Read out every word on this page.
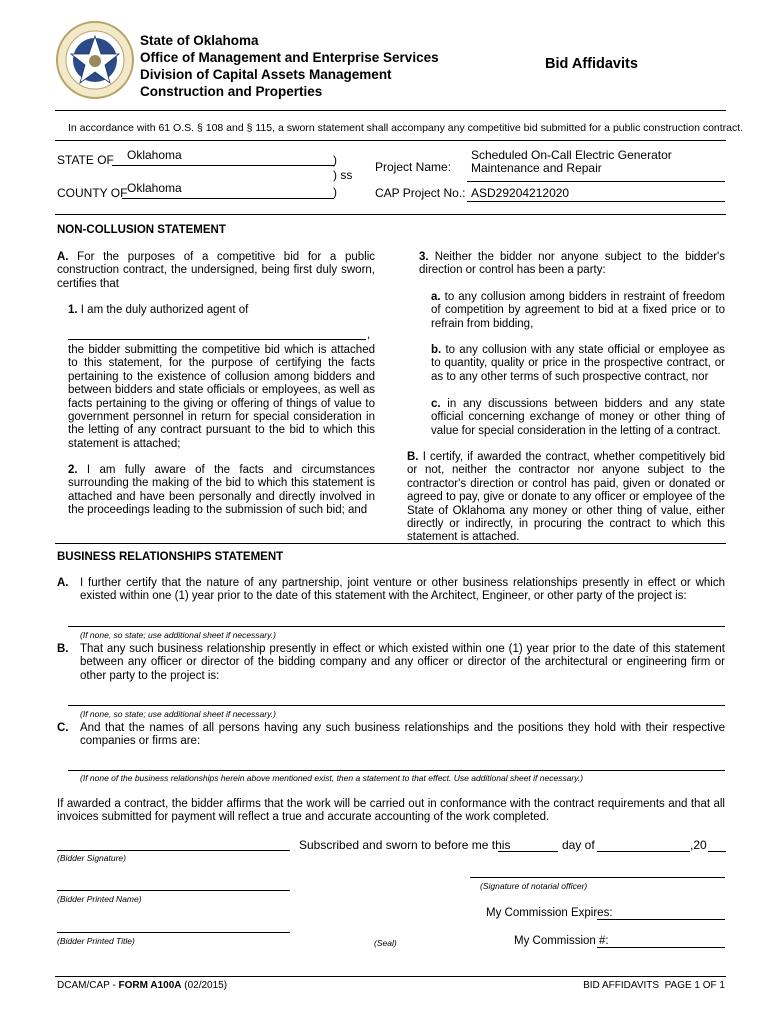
State of Oklahoma
Office of Management and Enterprise Services
Division of Capital Assets Management
Construction and Properties
Bid Affidavits
In accordance with 61 O.S. § 108 and § 115, a sworn statement shall accompany any competitive bid submitted for a public construction contract.
STATE OF Oklahoma	)
) ss
)
COUNTY OF Oklahoma
Project Name:
Scheduled On-Call Electric Generator
Maintenance and Repair
CAP Project No.: ASD29204212020
NON-COLLUSION STATEMENT
A. For the purposes of a competitive bid for a public construction contract, the undersigned, being first duly sworn, certifies that
1. I am the duly authorized agent of
,
the bidder submitting the competitive bid which is attached to this statement, for the purpose of certifying the facts pertaining to the existence of collusion among bidders and between bidders and state officials or employees, as well as facts pertaining to the giving or offering of things of value to government personnel in return for special consideration in the letting of any contract pursuant to the bid to which this statement is attached;
2. I am fully aware of the facts and circumstances surrounding the making of the bid to which this statement is attached and have been personally and directly involved in the proceedings leading to the submission of such bid; and
3. Neither the bidder nor anyone subject to the bidder's direction or control has been a party:
a. to any collusion among bidders in restraint of freedom of competition by agreement to bid at a fixed price or to refrain from bidding,
b. to any collusion with any state official or employee as to quantity, quality or price in the prospective contract, or as to any other terms of such prospective contract, nor
c. in any discussions between bidders and any state official concerning exchange of money or other thing of value for special consideration in the letting of a contract.
B. I certify, if awarded the contract, whether competitively bid or not, neither the contractor nor anyone subject to the contractor's direction or control has paid, given or donated or agreed to pay, give or donate to any officer or employee of the State of Oklahoma any money or other thing of value, either directly or indirectly, in procuring the contract to which this statement is attached.
BUSINESS RELATIONSHIPS STATEMENT
A. I further certify that the nature of any partnership, joint venture or other business relationships presently in effect or which existed within one (1) year prior to the date of this statement with the Architect, Engineer, or other party of the project is:
(If none, so state; use additional sheet if necessary.)
B. That any such business relationship presently in effect or which existed within one (1) year prior to the date of this statement between any officer or director of the bidding company and any officer or director of the architectural or engineering firm or other party to the project is:
(If none, so state; use additional sheet if necessary.)
C. And that the names of all persons having any such business relationships and the positions they hold with their respective companies or firms are:
(If none of the business relationships herein above mentioned exist, then a statement to that effect. Use additional sheet if necessary.)
If awarded a contract, the bidder affirms that the work will be carried out in conformance with the contract requirements and that all invoices submitted for payment will reflect a true and accurate accounting of the work completed.
(Bidder Signature)
Subscribed and sworn to before me this	day of	,20
(Signature of notarial officer)
(Bidder Printed Name)
My Commission Expires:
(Bidder Printed Title)	(Seal)	My Commission #:
DCAM/CAP - FORM A100A (02/2015)	BID AFFIDAVITS  PAGE 1 OF 1
